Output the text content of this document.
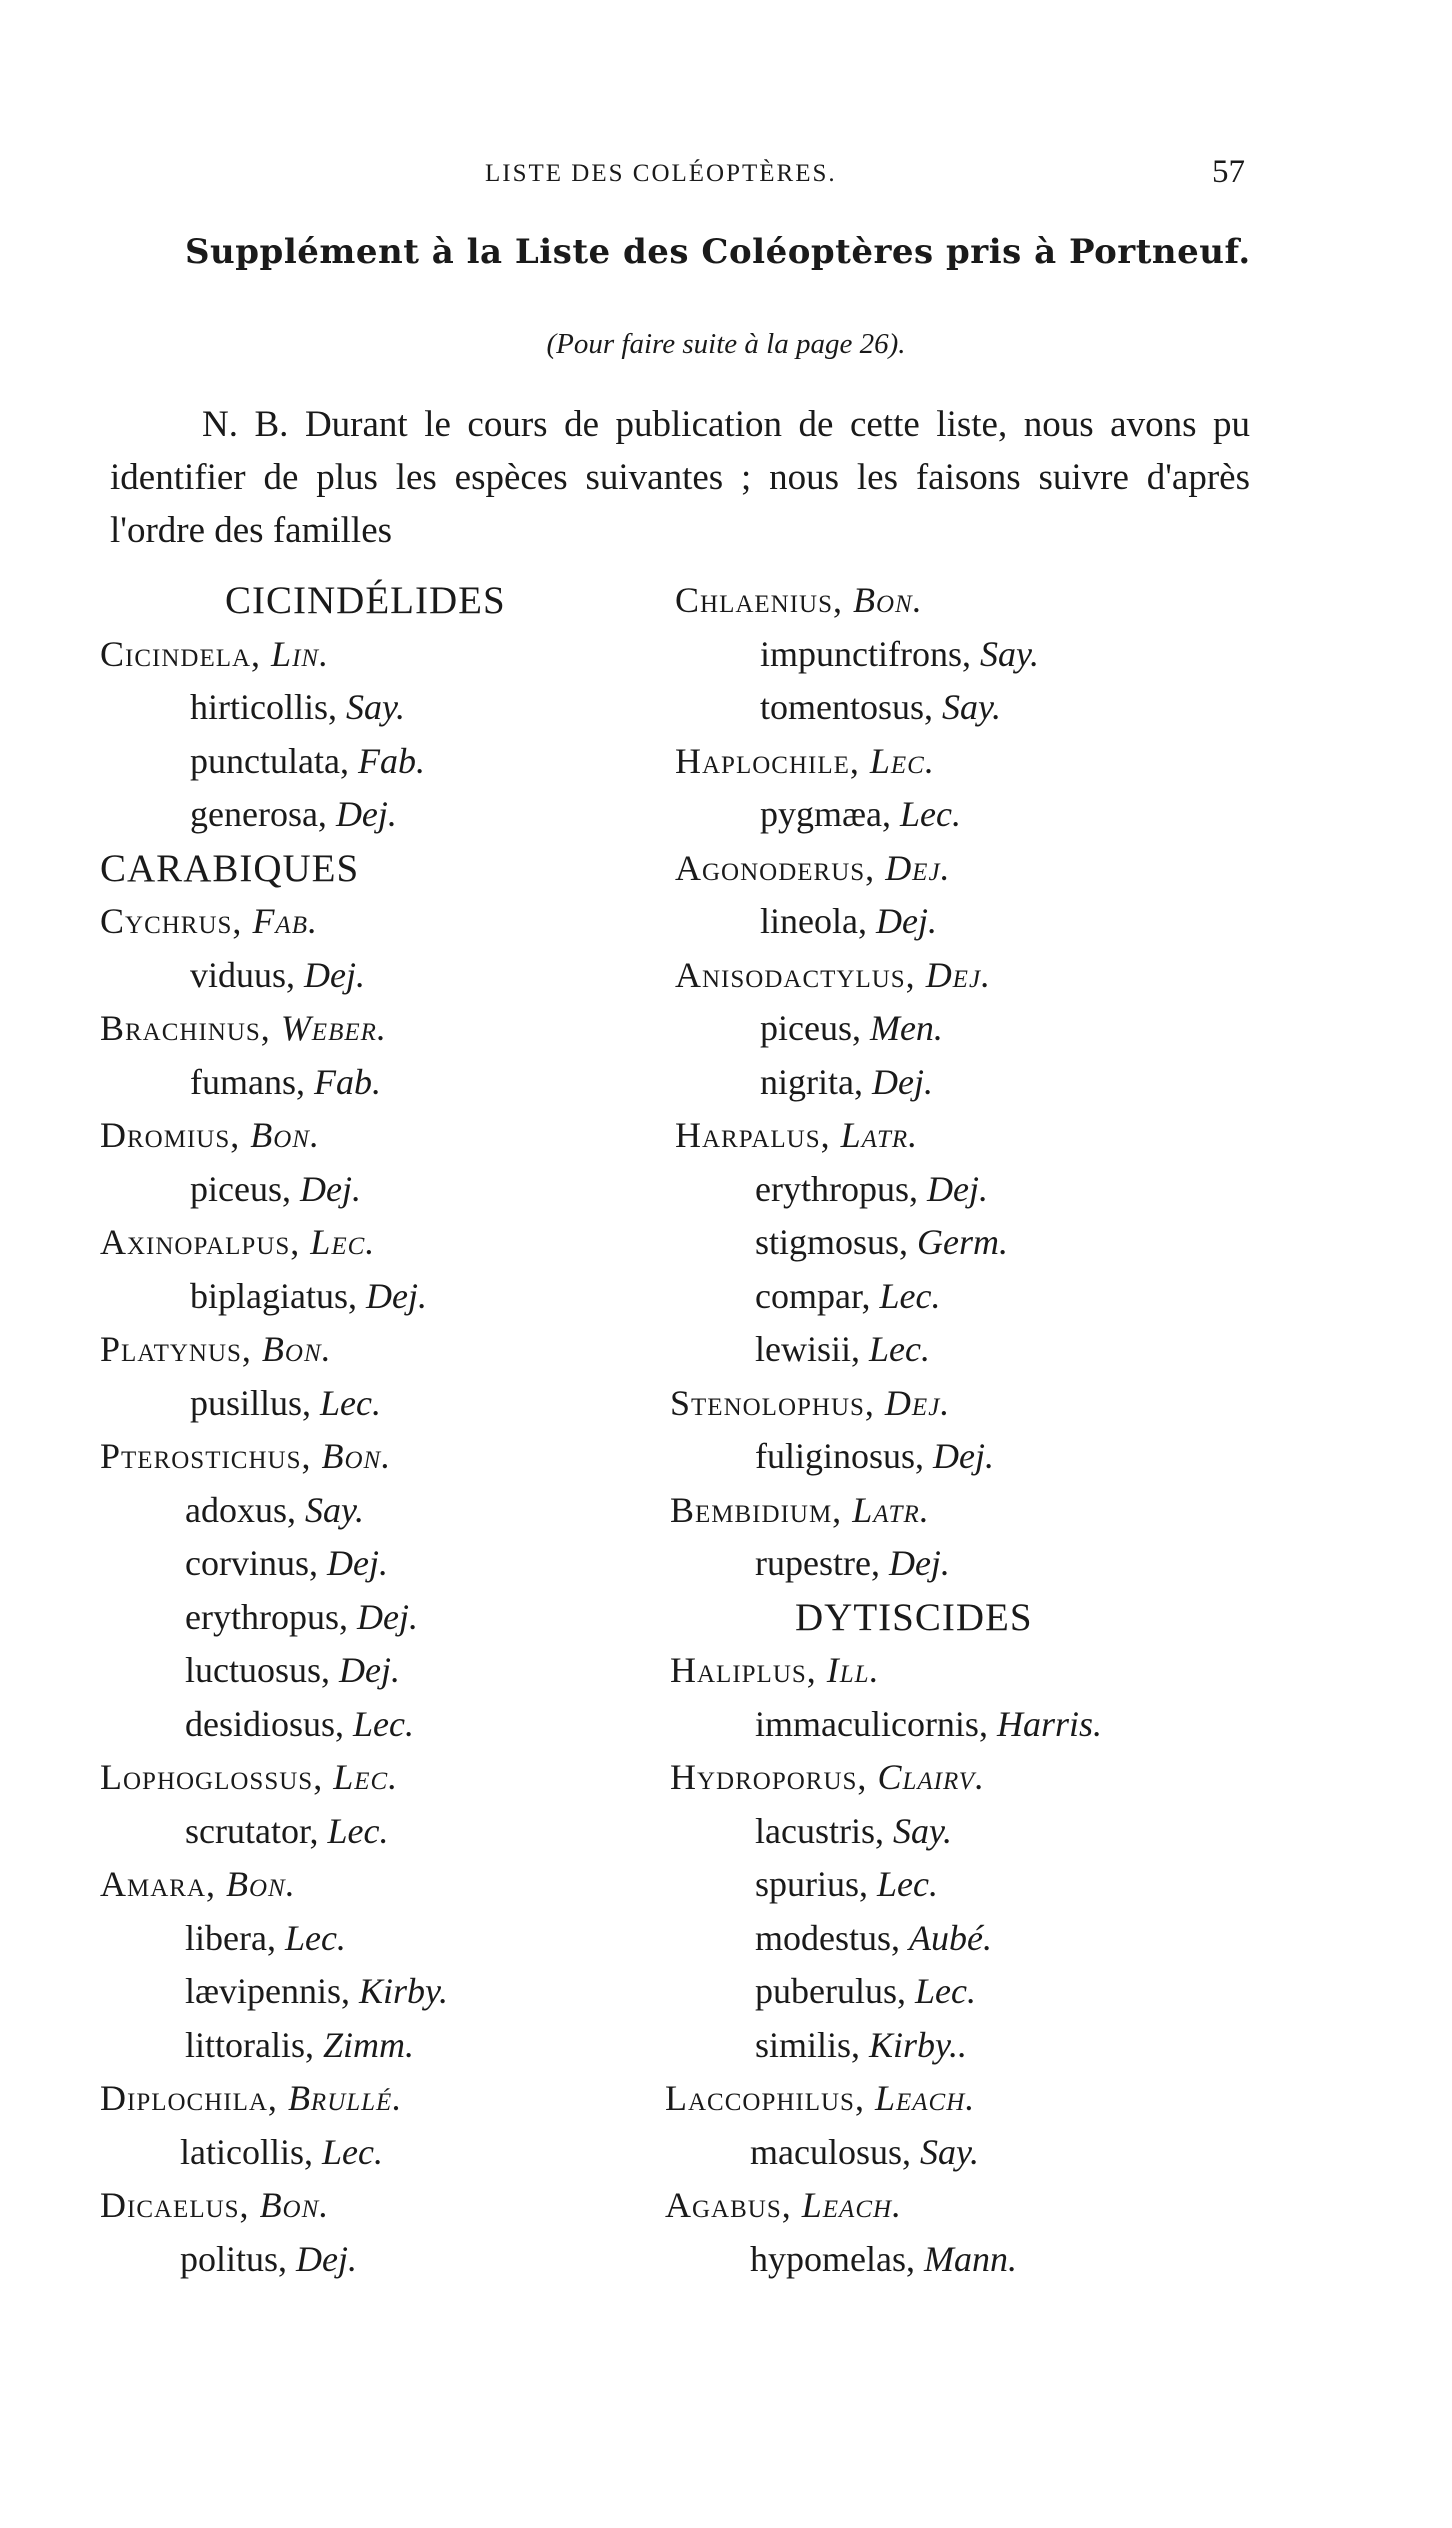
LISTE DES COLÉOPTÈRES.	57
Supplément à la Liste des Coléoptères pris à Portneuf.
(Pour faire suite à la page 26).
N. B. Durant le cours de publication de cette liste, nous avons pu identifier de plus les espèces suivantes ; nous les faisons suivre d'après l'ordre des familles
CICINDÉLIDES
Cicindela, Lin.
hirticollis, Say.
punctulata, Fab.
generosa, Dej.
CARABIQUES
Cychrus, Fab.
viduus, Dej.
Brachinus, Weber.
fumans, Fab.
Dromius, Bon.
piceus, Dej.
Axinopalpus, Lec.
biplagiatus, Dej.
Platynus, Bon.
pusillus, Lec.
Pterostichus, Bon.
adoxus, Say.
corvinus, Dej.
erythropus, Dej.
luctuosus, Dej.
desidiosus, Lec.
Lophoglossus, Lec.
scrutator, Lec.
Amara, Bon.
libera, Lec.
lævipennis, Kirby.
littoralis, Zimm.
Diplochila, Brullé.
laticollis, Lec.
Dicaelus, Bon.
politus, Dej.
Chlaenius, Bon.
impunctifrons, Say.
tomentosus, Say.
Haplochile, Lec.
pygmæa, Lec.
Agonoderus, Dej.
lineola, Dej.
Anisodactylus, Dej.
piceus, Men.
nigrita, Dej.
Harpalus, Latr.
erythropus, Dej.
stigmosus, Germ.
compar, Lec.
lewisii, Lec.
Stenolophus, Dej.
fuliginosus, Dej.
Bembidium, Latr.
rupestre, Dej.
DYTISCIDES
Haliplus, Ill.
immaculicornis, Harris.
Hydroporus, Clairv.
lacustris, Say.
spurius, Lec.
modestus, Aubé.
puberulus, Lec.
similis, Kirby..
Laccophilus, Leach.
maculosus, Say.
Agabus, Leach.
hypomelas, Mann.
